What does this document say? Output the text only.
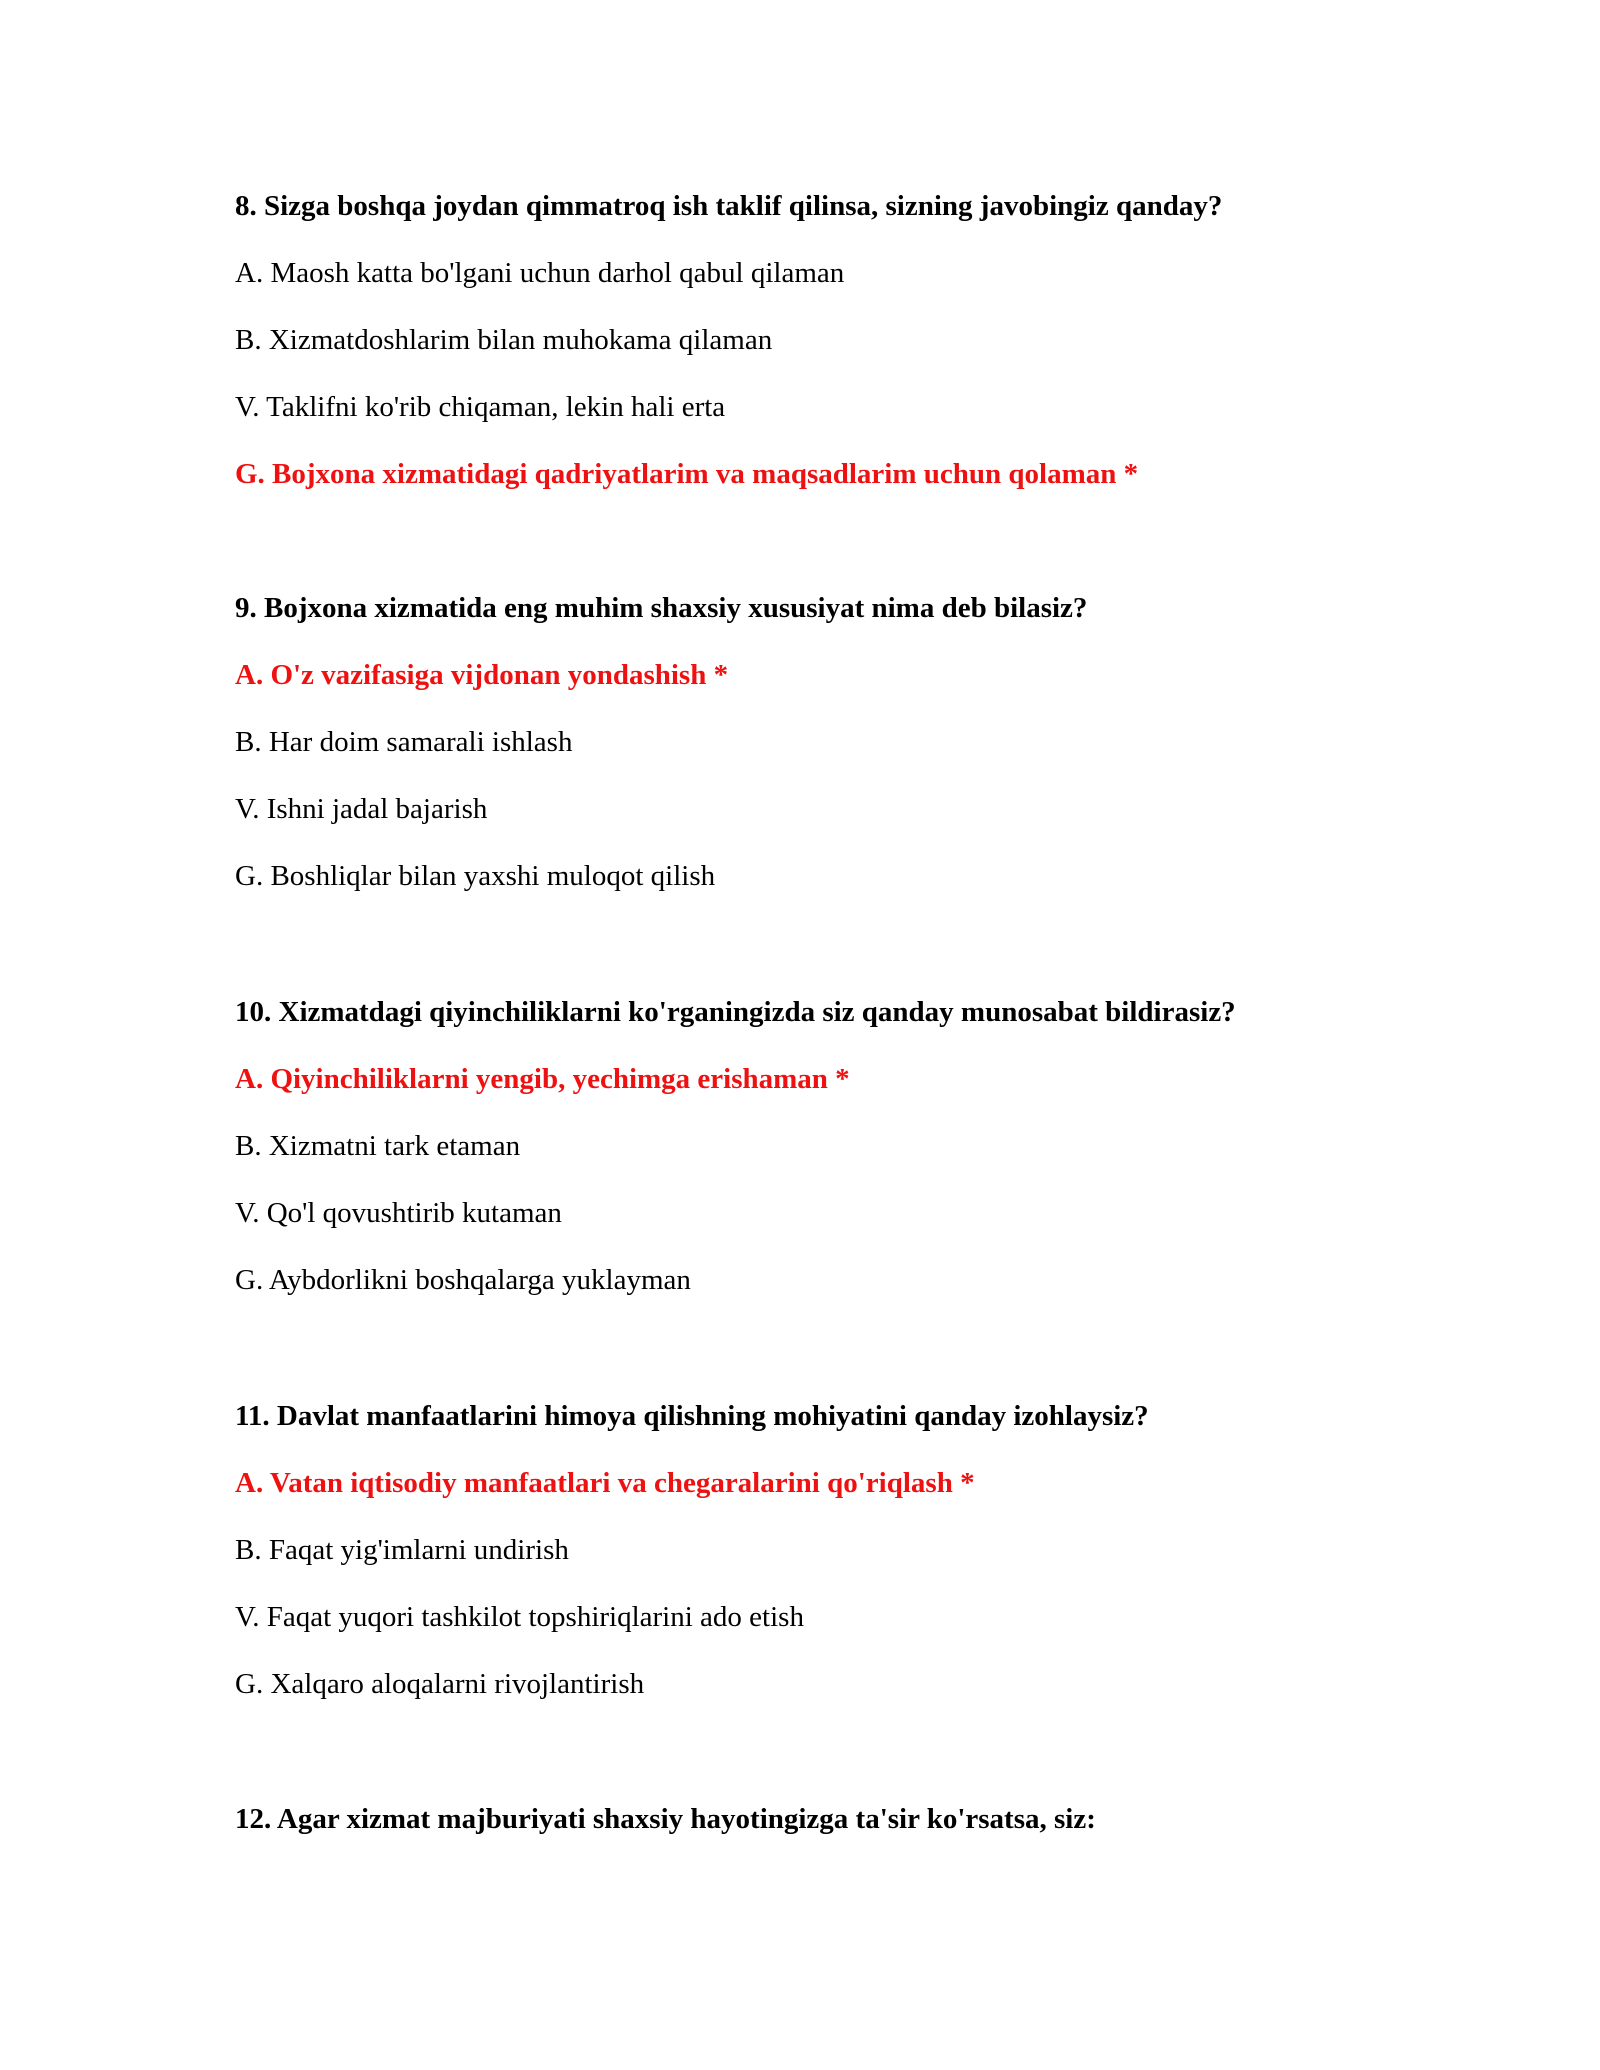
8. Sizga boshqa joydan qimmatroq ish taklif qilinsa, sizning javobingiz qanday?
A. Maosh katta bo'lgani uchun darhol qabul qilaman
B. Xizmatdoshlarim bilan muhokama qilaman
V. Taklifni ko'rib chiqaman, lekin hali erta
G. Bojxona xizmatidagi qadriyatlarim va maqsadlarim uchun qolaman *
9. Bojxona xizmatida eng muhim shaxsiy xususiyat nima deb bilasiz?
A. O'z vazifasiga vijdonan yondashish *
B. Har doim samarali ishlash
V. Ishni jadal bajarish
G. Boshliqlar bilan yaxshi muloqot qilish
10. Xizmatdagi qiyinchiliklarni ko'rganingizda siz qanday munosabat bildirasiz?
A. Qiyinchiliklarni yengib, yechimga erishaman *
B. Xizmatni tark etaman
V. Qo'l qovushtirib kutaman
G. Aybdorlikni boshqalarga yuklayman
11. Davlat manfaatlarini himoya qilishning mohiyatini qanday izohlaysiz?
A. Vatan iqtisodiy manfaatlari va chegaralarini qo'riqlash *
B. Faqat yig'imlarni undirish
V. Faqat yuqori tashkilot topshiriqlarini ado etish
G. Xalqaro aloqalarni rivojlantirish
12. Agar xizmat majburiyati shaxsiy hayotingizga ta'sir ko'rsatsa, siz:
